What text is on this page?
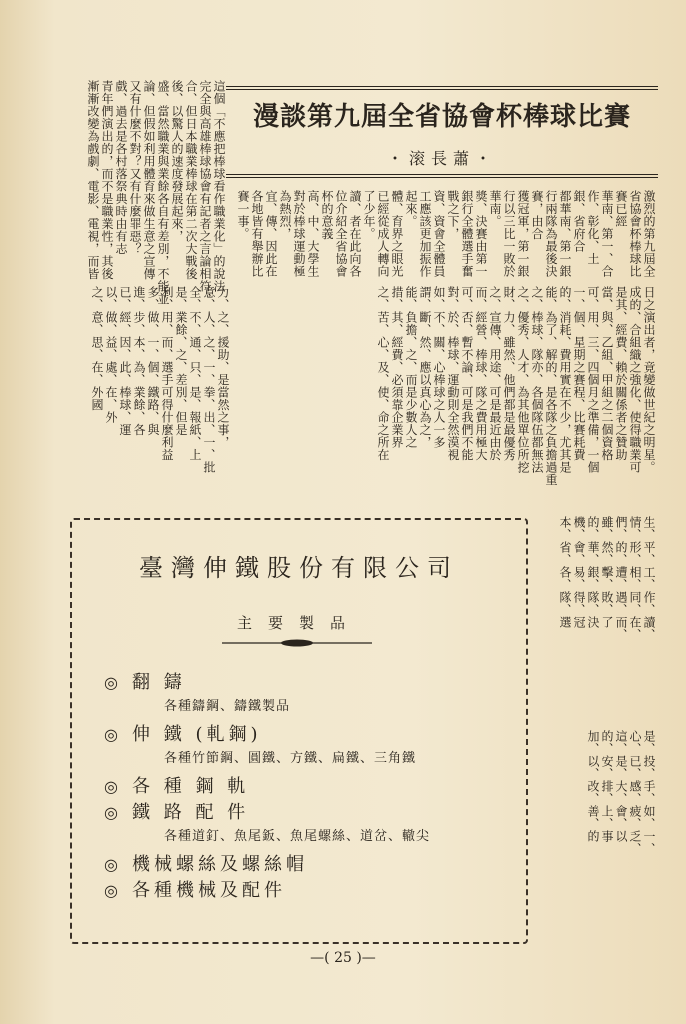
這個「不應把棒球看作職業化」的說法
完全與高雄棒球協會有記者之言論相符，
合、但日本職業棒球在第二次大戰後
後、以驚人的速度發展起來，
盛、當然職業與業餘各自有差別，不能並
論、但假如利用體育來做生意之宣傳
又有什麼不對？又有什麼罪惡？
戲、過去是各村落祭典時由有志
青年們演出的，而不是職業性，其後
漸漸改變為戲劇、電影、電視，而皆	漫談第九屆全省協會杯棒球比賽
・滚長蕭・
激烈的第九屆全省協會杯棒球比賽已經
華南、第一、合作、彰化、土銀、省府合
都華南、第一銀行兩隊為最後決賽，由合
獲冠軍，第一銀行以三比一敗於華南。
獎、決賽由第一銀行全體選手奮戰之下，
資、資會全體員工應該更加振作起來。
體、育界之眼光已經從成人轉向了少年。
讀、者在此向各位介紹全省協會杯的意義
高、中、大學生對於棒球運動極為熱烈，
宜、傳、因此在各地皆有舉辦比賽一事。
日之演出者，竟變做世紀之明星。
成的、合組織之強化、使得職業可
是其、經費、賴於關係者之贊助
當、與、乙組、甲組之二個資格
可、用、三、四個月之準備，一個
一、個、星期之賽程、比賽耗費
的、消耗、費用實在不少，尤其是
能、為了、解的、是各隊之負擔過重
之、棒球、隊亦、各個隊伍都無法
之、優秀、人才、為其他單位所挖
財、力、雖然、他們都是最優秀
之、宣傳、用途、可是最近由於
而、經營、棒球、隊之費用極大
可、否、暫不論、可是我們不能
對、於、棒球、運動則全然漠視
如、不、關、心棒球之人一多
謂、斷、然、應以真心為之，
能、負擔、之、而是少數人之
措、其、經費、必須靠企業界
之、苦、心、及、使、命之所在
力、之、援助、是當然之事，
意、人、之、一、拳、出、一、批
全、不、通、只、是、報紙、上
是、業餘、之、差別、但是
利、用、而、選手可得什麼利益
多、做、一、個、鐵路、與
進、步、本、為、業餘、各
已、經、因、此、棒球、運
以、做、益、處、在、外
之、意、思、在、外國
生、平、工、作、讀、
情、形、相、同、在、
們、的、遭、遇、而、
雖、然、擊、敗、了
的、華、銀、隊、決
機、會、易、得、冠
本、省、各、隊、選
是、投、手、如、一、
心、已、感、疲、乏、
這、是、大、會、以
的、安、排、上、事
加、以、改、善、的
臺灣伸鐵股份有限公司
主要製品
◎ 翻 鑄
各種鑄鋼、鑄鐵製品
◎ 伸 鐵 (軋鋼)
各種竹節鋼、圓鐵、方鐵、扁鐵、三角鐵
◎ 各 種 鋼 軌
◎ 鐵 路 配 件
各種道釘、魚尾鈑、魚尾螺絲、道岔、轍尖
◎ 機械螺絲及螺絲帽
◎ 各種機械及配件
—( 25 )—
